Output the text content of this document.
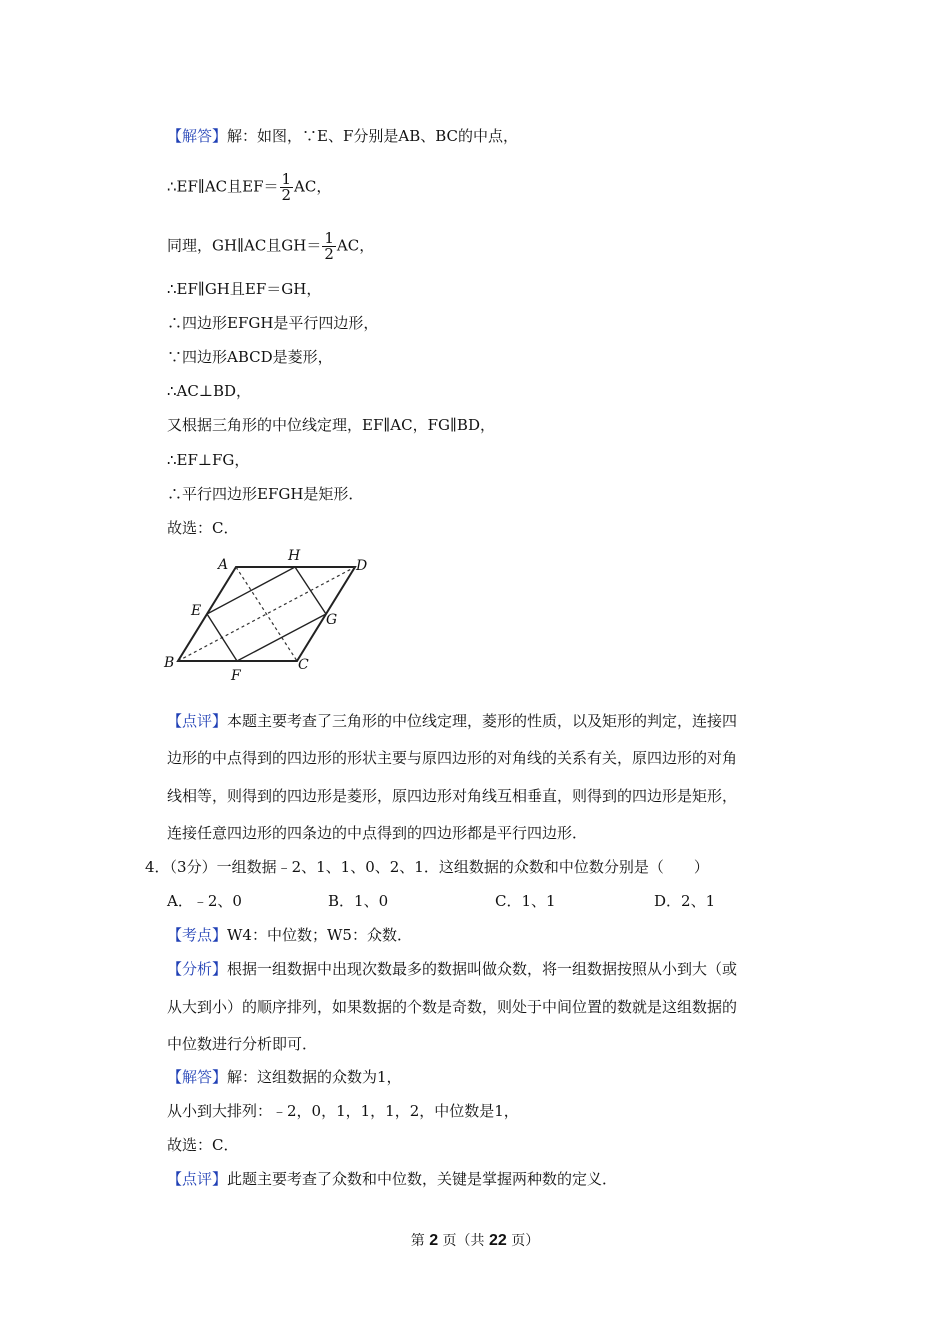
【解答】解：如图，∵E、F分别是AB、BC的中点，
∴EF∥AC且$EF= \frac{1}{2}$ AC，
同理，GH∥AC且$GH= \frac{1}{2}$ AC，
∴EF∥GH且EF＝GH，
∴四边形EFGH是平行四边形，
∵四边形ABCD是菱形，
∴AC⊥BD，
又根据三角形的中位线定理，EF∥AC，FG∥BD，
∴EF⊥FG，
∴平行四边形EFGH是矩形．
故选：C．
A
H
D
E
G
B
F
C
【点评】本题主要考查了三角形的中位线定理，菱形的性质，以及矩形的判定，连接四
边形的中点得到的四边形的形状主要与原四边形的对角线的关系有关，原四边形的对角
线相等，则得到的四边形是菱形，原四边形对角线互相垂直，则得到的四边形是矩形，
连接任意四边形的四条边的中点得到的四边形都是平行四边形．
4．（3分）一组数据﹣2、1、1、0、2、1．这组数据的众数和中位数分别是（　　）
A．﹣2、0	B．1、0	C．1、1	D．2、1
【考点】W4：中位数；W5：众数．
【分析】根据一组数据中出现次数最多的数据叫做众数，将一组数据按照从小到大（或
从大到小）的顺序排列，如果数据的个数是奇数，则处于中间位置的数就是这组数据的
中位数进行分析即可．
【解答】解：这组数据的众数为1，
从小到大排列：﹣2，0，1，1，1，2，中位数是1，
故选：C．
【点评】此题主要考查了众数和中位数，关键是掌握两种数的定义．
第 2 页（共 22 页）
